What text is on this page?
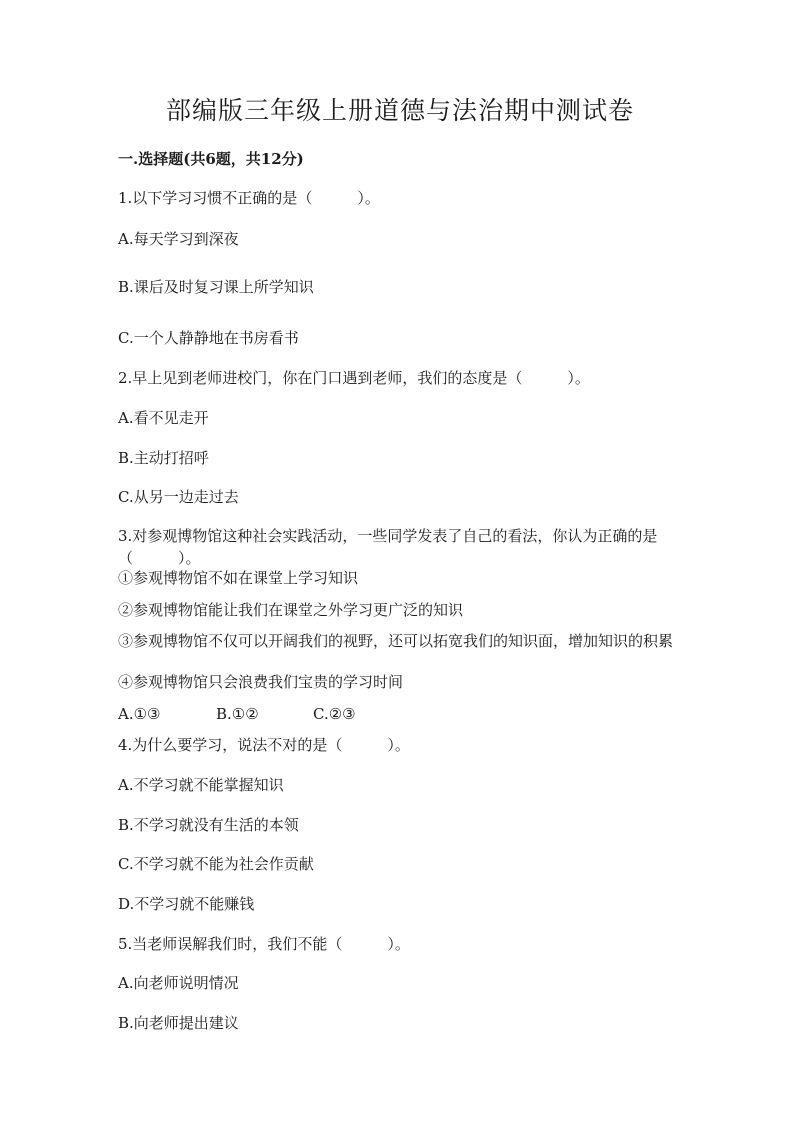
部编版三年级上册道德与法治期中测试卷
一.选择题(共6题，共12分)
1.以下学习习惯不正确的是（　　　）。
A.每天学习到深夜
B.课后及时复习课上所学知识
C.一个人静静地在书房看书
2.早上见到老师进校门，你在门口遇到老师，我们的态度是（　　　）。
A.看不见走开
B.主动打招呼
C.从另一边走过去
3.对参观博物馆这种社会实践活动，一些同学发表了自己的看法，你认为正确的是（　　　）。
①参观博物馆不如在课堂上学习知识
②参观博物馆能让我们在课堂之外学习更广泛的知识
③参观博物馆不仅可以开阔我们的视野，还可以拓宽我们的知识面，增加知识的积累
④参观博物馆只会浪费我们宝贵的学习时间
A.①③	B.①②	C.②③
4.为什么要学习，说法不对的是（　　　）。
A.不学习就不能掌握知识
B.不学习就没有生活的本领
C.不学习就不能为社会作贡献
D.不学习就不能赚钱
5.当老师误解我们时，我们不能（　　　）。
A.向老师说明情况
B.向老师提出建议
